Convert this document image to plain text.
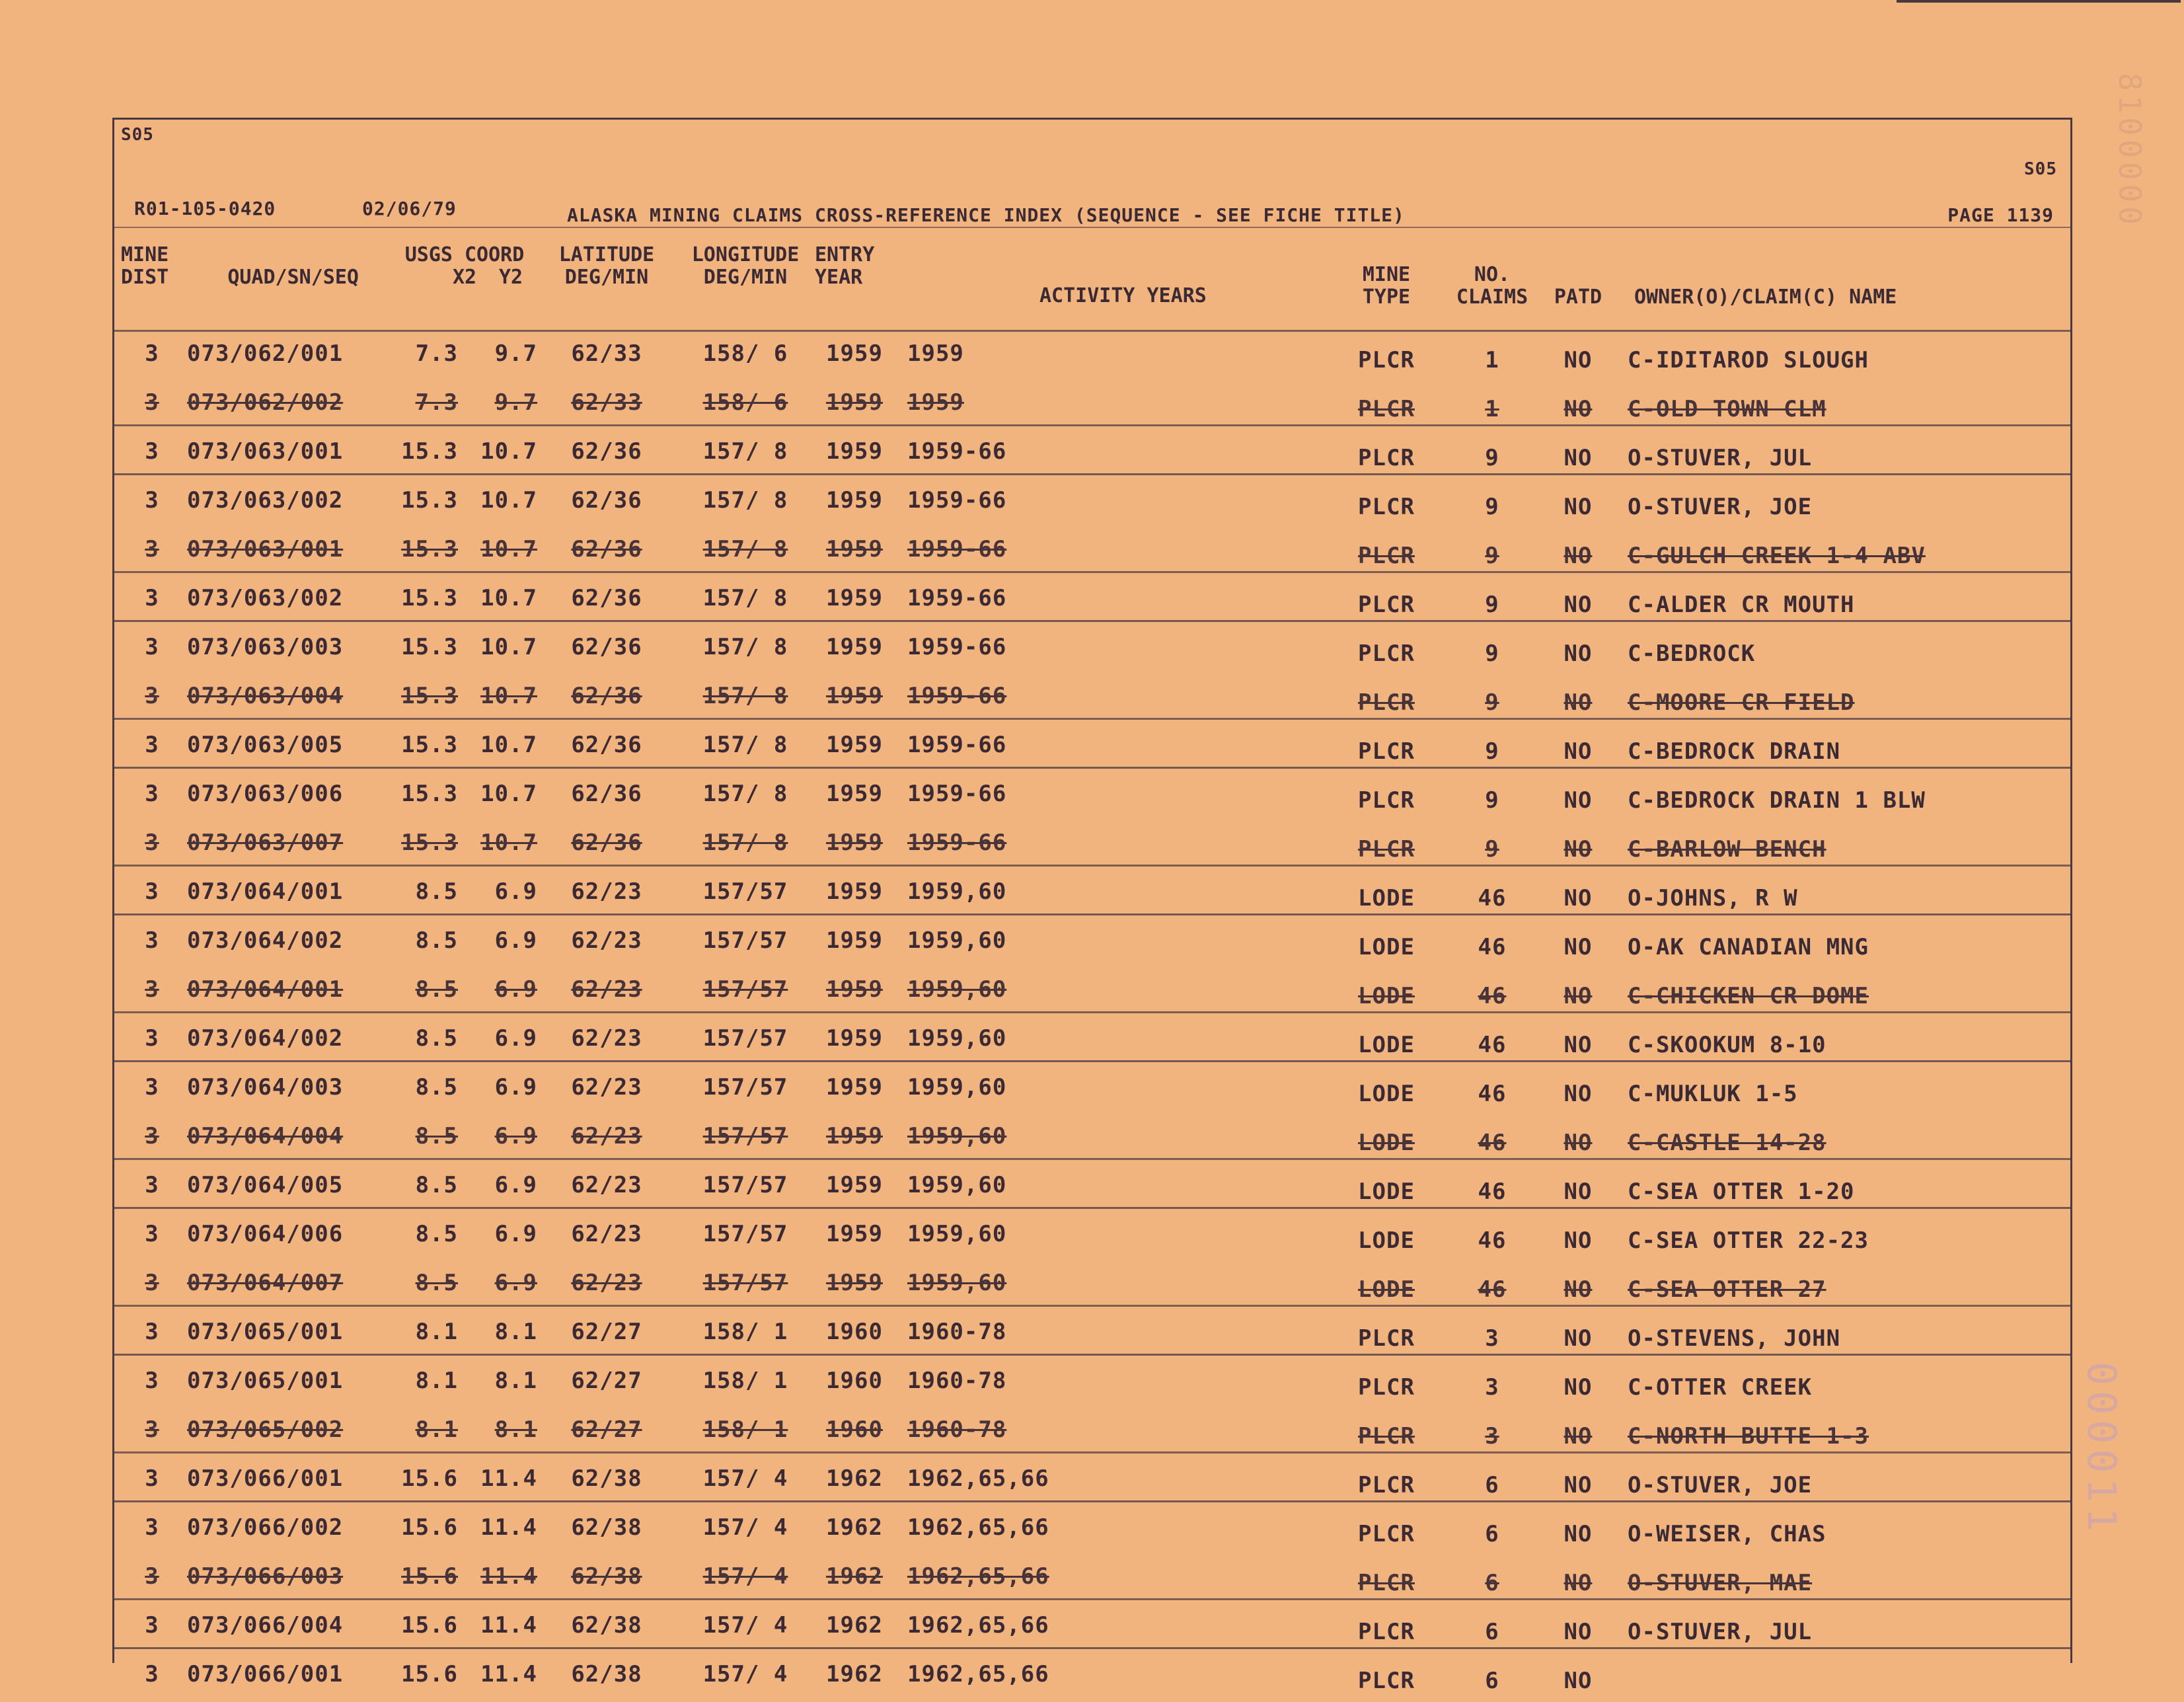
8100000
S05
S05
R01-105-0420	02/06/79	ALASKA MINING CLAIMS CROSS-REFERENCE INDEX (SEQUENCE - SEE FICHE TITLE)	PAGE 1139
MINE
DIST	QUAD/SN/SEQ
USGS COORD
X2	Y2
LATITUDE
DEG/MIN
LONGITUDE
DEG/MIN
ENTRY
YEAR
ACTIVITY YEARS
MINE
TYPE
NO.
CLAIMS	PATD	OWNER(O)/CLAIM(C) NAME
3	073/062/001	7.3	9.7	62/33	158/ 6	1959	1959	PLCR	1	NO	C-IDITAROD SLOUGH
3	073/062/002	7.3	9.7	62/33	158/ 6	1959	1959	PLCR	1	NO	C-OLD TOWN CLM
3	073/063/001	15.3	10.7	62/36	157/ 8	1959	1959-66	PLCR	9	NO	O-STUVER, JUL
3	073/063/002	15.3	10.7	62/36	157/ 8	1959	1959-66	PLCR	9	NO	O-STUVER, JOE
3	073/063/001	15.3	10.7	62/36	157/ 8	1959	1959-66	PLCR	9	NO	C-GULCH CREEK 1-4 ABV
3	073/063/002	15.3	10.7	62/36	157/ 8	1959	1959-66	PLCR	9	NO	C-ALDER CR MOUTH
3	073/063/003	15.3	10.7	62/36	157/ 8	1959	1959-66	PLCR	9	NO	C-BEDROCK
3	073/063/004	15.3	10.7	62/36	157/ 8	1959	1959-66	PLCR	9	NO	C-MOORE CR FIELD
3	073/063/005	15.3	10.7	62/36	157/ 8	1959	1959-66	PLCR	9	NO	C-BEDROCK DRAIN
3	073/063/006	15.3	10.7	62/36	157/ 8	1959	1959-66	PLCR	9	NO	C-BEDROCK DRAIN 1 BLW
3	073/063/007	15.3	10.7	62/36	157/ 8	1959	1959-66	PLCR	9	NO	C-BARLOW BENCH
3	073/064/001	8.5	6.9	62/23	157/57	1959	1959,60	LODE	46	NO	O-JOHNS, R W
3	073/064/002	8.5	6.9	62/23	157/57	1959	1959,60	LODE	46	NO	O-AK CANADIAN MNG
3	073/064/001	8.5	6.9	62/23	157/57	1959	1959,60	LODE	46	NO	C-CHICKEN CR DOME
3	073/064/002	8.5	6.9	62/23	157/57	1959	1959,60	LODE	46	NO	C-SKOOKUM 8-10
3	073/064/003	8.5	6.9	62/23	157/57	1959	1959,60	LODE	46	NO	C-MUKLUK 1-5
3	073/064/004	8.5	6.9	62/23	157/57	1959	1959,60	LODE	46	NO	C-CASTLE 14-28
3	073/064/005	8.5	6.9	62/23	157/57	1959	1959,60	LODE	46	NO	C-SEA OTTER 1-20
3	073/064/006	8.5	6.9	62/23	157/57	1959	1959,60	LODE	46	NO	C-SEA OTTER 22-23
3	073/064/007	8.5	6.9	62/23	157/57	1959	1959,60	LODE	46	NO	C-SEA OTTER 27
3	073/065/001	8.1	8.1	62/27	158/ 1	1960	1960-78	PLCR	3	NO	O-STEVENS, JOHN
3	073/065/001	8.1	8.1	62/27	158/ 1	1960	1960-78	PLCR	3	NO	C-OTTER CREEK
3	073/065/002	8.1	8.1	62/27	158/ 1	1960	1960-78	PLCR	3	NO	C-NORTH BUTTE 1-3
3	073/066/001	15.6	11.4	62/38	157/ 4	1962	1962,65,66	PLCR	6	NO	O-STUVER, JOE
3	073/066/002	15.6	11.4	62/38	157/ 4	1962	1962,65,66	PLCR	6	NO	O-WEISER, CHAS
3	073/066/003	15.6	11.4	62/38	157/ 4	1962	1962,65,66	PLCR	6	NO	O-STUVER, MAE
3	073/066/004	15.6	11.4	62/38	157/ 4	1962	1962,65,66	PLCR	6	NO	O-STUVER, JUL
3	073/066/001	15.6	11.4	62/38	157/ 4	1962	1962,65,66	PLCR	6	NO
000011
